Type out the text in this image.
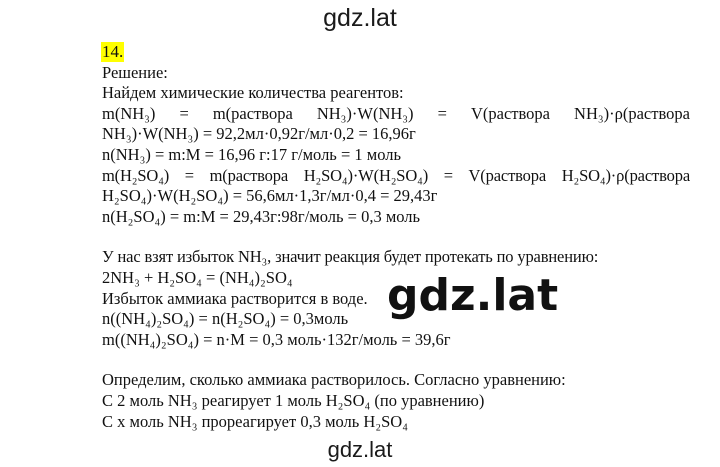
gdz.lat
14.
Решение:
Найдем химические количества реагентов:
m(NH₃) = m(раствора NH₃)·W(NH₃) = V(раствора NH₃)·ρ(раствора
NH₃)·W(NH₃) = 92,2мл·0,92г/мл·0,2 = 16,96г
n(NH₃) = m:M = 16,96 г:17 г/моль = 1 моль
m(H₂SO₄) = m(раствора H₂SO₄)·W(H₂SO₄) = V(раствора H₂SO₄)·ρ(раствора
H₂SO₄)·W(H₂SO₄) = 56,6мл·1,3г/мл·0,4 = 29,43г
n(H₂SO₄) = m:M = 29,43г:98г/моль = 0,3 моль
У нас взят избыток NH₃, значит реакция будет протекать по уравнению:
2NH₃ + H₂SO₄ = (NH₄)₂SO₄
Избыток аммиака растворится в воде.
n((NH₄)₂SO₄) = n(H₂SO₄) = 0,3моль
m((NH₄)₂SO₄) = n·M = 0,3 моль·132г/моль = 39,6г
Определим, сколько аммиака растворилось. Согласно уравнению:
С 2 моль NH₃ реагирует 1 моль H₂SO₄ (по уравнению)
С x моль NH₃ прореагирует 0,3 моль H₂SO₄
gdz.lat
gdz.lat
